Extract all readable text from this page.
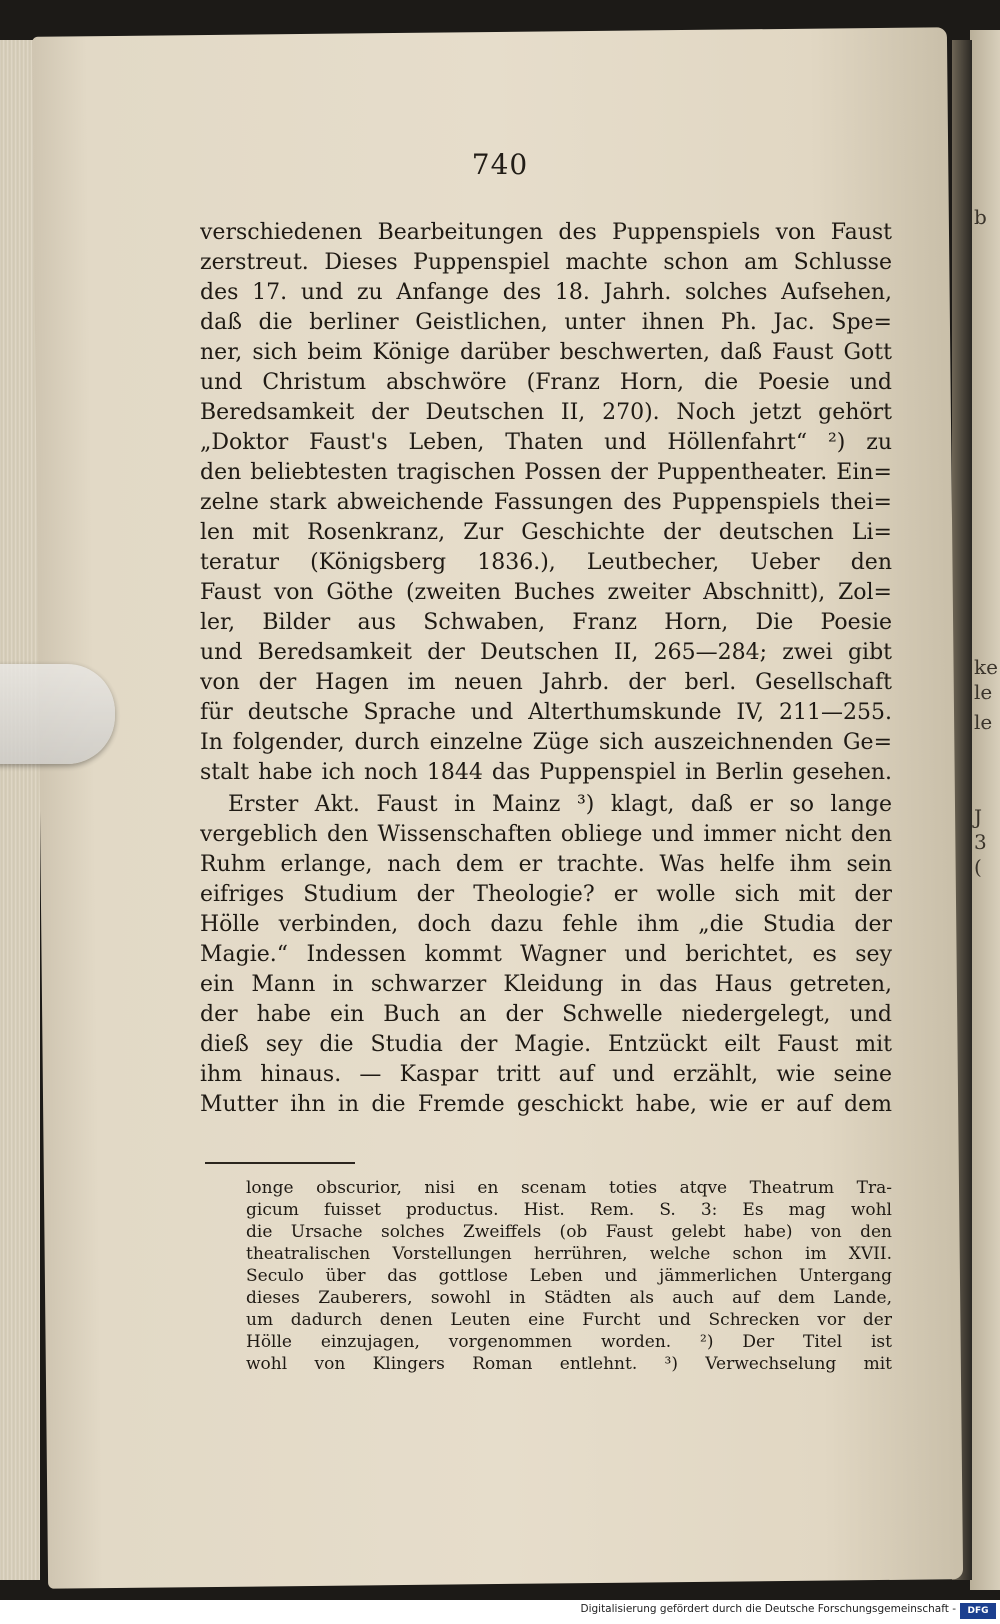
b
J
3
(
ke
le
le
740
verschiedenen Bearbeitungen des Puppenspiels von Faust
zerstreut. Dieses Puppenspiel machte schon am Schlusse
des 17. und zu Anfange des 18. Jahrh. solches Aufsehen,
daß die berliner Geistlichen, unter ihnen Ph. Jac. Spe=
ner, sich beim Könige darüber beschwerten, daß Faust Gott
und Christum abschwöre (Franz Horn, die Poesie und
Beredsamkeit der Deutschen II, 270). Noch jetzt gehört
„Doktor Faust's Leben, Thaten und Höllenfahrt“ ²) zu
den beliebtesten tragischen Possen der Puppentheater. Ein=
zelne stark abweichende Fassungen des Puppenspiels thei=
len mit Rosenkranz, Zur Geschichte der deutschen Li=
teratur (Königsberg 1836.), Leutbecher, Ueber den
Faust von Göthe (zweiten Buches zweiter Abschnitt), Zol=
ler, Bilder aus Schwaben, Franz Horn, Die Poesie
und Beredsamkeit der Deutschen II, 265—284; zwei gibt
von der Hagen im neuen Jahrb. der berl. Gesellschaft
für deutsche Sprache und Alterthumskunde IV, 211—255.
In folgender, durch einzelne Züge sich auszeichnenden Ge=
stalt habe ich noch 1844 das Puppenspiel in Berlin gesehen.
Erster Akt. Faust in Mainz ³) klagt, daß er so lange
vergeblich den Wissenschaften obliege und immer nicht den
Ruhm erlange, nach dem er trachte. Was helfe ihm sein
eifriges Studium der Theologie? er wolle sich mit der
Hölle verbinden, doch dazu fehle ihm „die Studia der
Magie.“ Indessen kommt Wagner und berichtet, es sey
ein Mann in schwarzer Kleidung in das Haus getreten,
der habe ein Buch an der Schwelle niedergelegt, und
dieß sey die Studia der Magie. Entzückt eilt Faust mit
ihm hinaus. — Kaspar tritt auf und erzählt, wie seine
Mutter ihn in die Fremde geschickt habe, wie er auf dem
longe obscurior, nisi en scenam toties atqve Theatrum Tra-
gicum fuisset productus. Hist. Rem. S. 3: Es mag wohl
die Ursache solches Zweiffels (ob Faust gelebt habe) von den
theatralischen Vorstellungen herrühren, welche schon im XVII.
Seculo über das gottlose Leben und jämmerlichen Untergang
dieses Zauberers, sowohl in Städten als auch auf dem Lande,
um dadurch denen Leuten eine Furcht und Schrecken vor der
Hölle einzujagen, vorgenommen worden. ²) Der Titel ist
wohl von Klingers Roman entlehnt. ³) Verwechselung mit
Digitalisierung gefördert durch die Deutsche Forschungsgemeinschaft -	DFG
